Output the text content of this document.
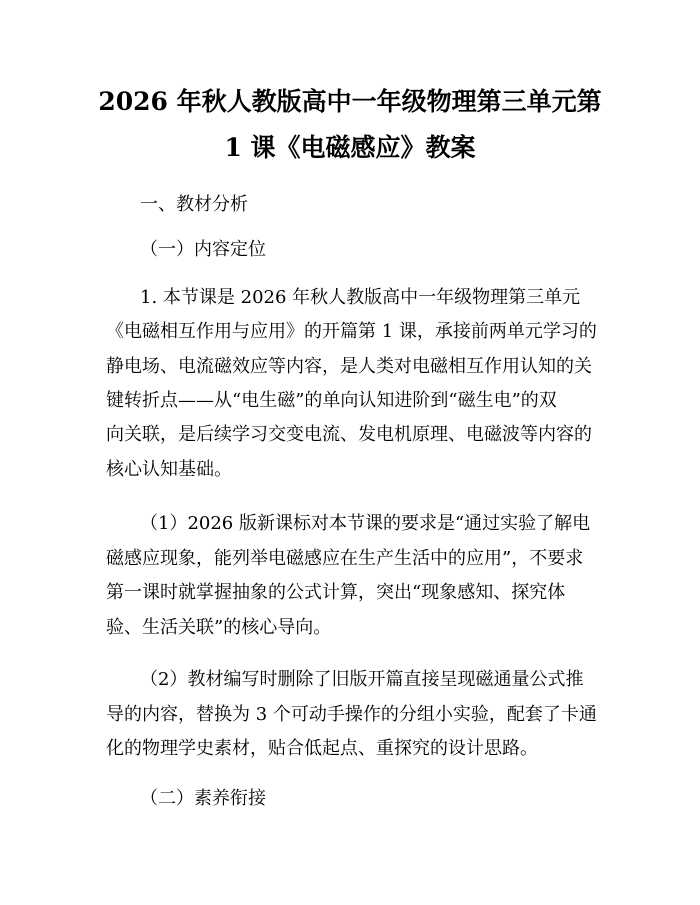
2026 年秋人教版高中一年级物理第三单元第
1 课《电磁感应》教案

一、教材分析

（一）内容定位

1. 本节课是 2026 年秋人教版高中一年级物理第三单元

《电磁相互作用与应用》的开篇第 1 课，承接前两单元学习的

静电场、电流磁效应等内容，是人类对电磁相互作用认知的关

键转折点——从“电生磁”的单向认知进阶到“磁生电”的双

向关联，是后续学习交变电流、发电机原理、电磁波等内容的

核心认知基础。

（1）2026 版新课标对本节课的要求是“通过实验了解电

磁感应现象，能列举电磁感应在生产生活中的应用”，不要求

第一课时就掌握抽象的公式计算，突出“现象感知、探究体

验、生活关联”的核心导向。

（2）教材编写时删除了旧版开篇直接呈现磁通量公式推

导的内容，替换为 3 个可动手操作的分组小实验，配套了卡通

化的物理学史素材，贴合低起点、重探究的设计思路。

（二）素养衔接
